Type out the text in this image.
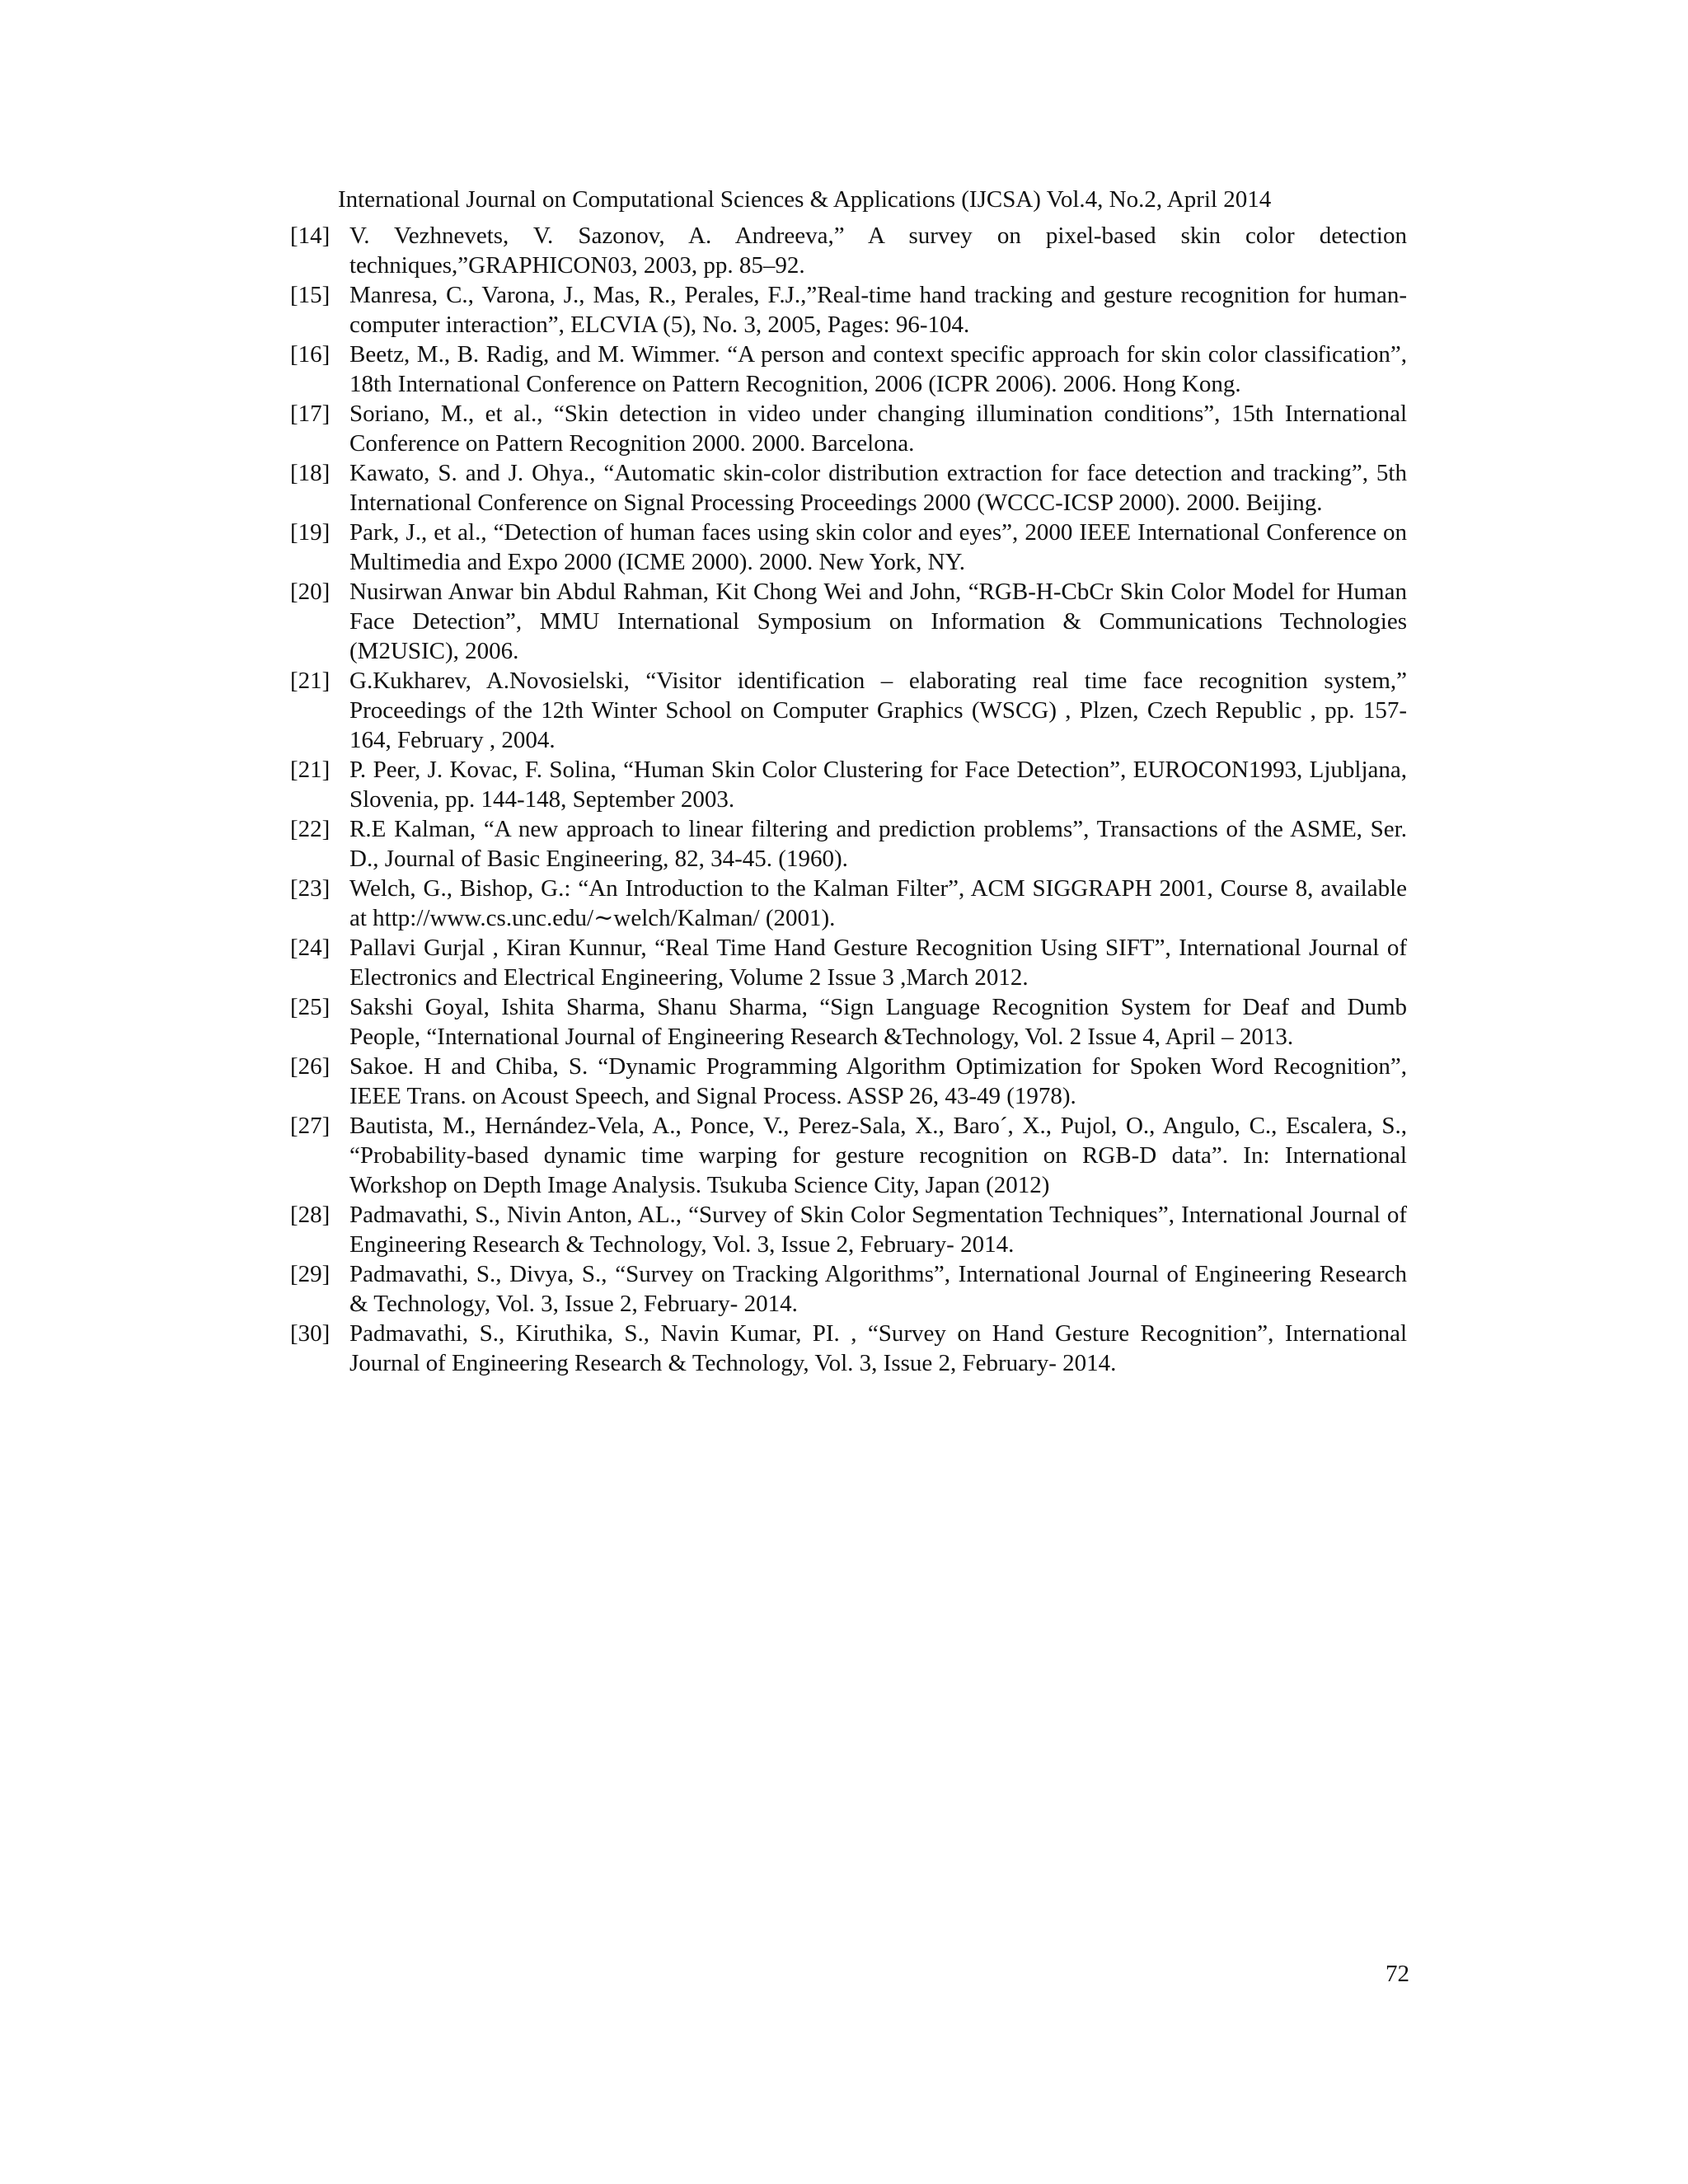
International Journal on Computational Sciences & Applications (IJCSA) Vol.4, No.2, April 2014
[14] V. Vezhnevets, V. Sazonov, A. Andreeva,” A survey on pixel-based skin color detection techniques,”GRAPHICON03, 2003, pp. 85–92.
[15] Manresa, C., Varona, J., Mas, R., Perales, F.J.,”Real-time hand tracking and gesture recognition for human-computer interaction”, ELCVIA (5), No. 3, 2005, Pages: 96-104.
[16] Beetz, M., B. Radig, and M. Wimmer. “A person and context specific approach for skin color classification”, 18th International Conference on Pattern Recognition, 2006 (ICPR 2006). 2006. Hong Kong.
[17] Soriano, M., et al., “Skin detection in video under changing illumination conditions”, 15th International Conference on Pattern Recognition 2000. 2000. Barcelona.
[18] Kawato, S. and J. Ohya., “Automatic skin-color distribution extraction for face detection and tracking”, 5th International Conference on Signal Processing Proceedings 2000 (WCCC-ICSP 2000). 2000. Beijing.
[19] Park, J., et al., “Detection of human faces using skin color and eyes”, 2000 IEEE International Conference on Multimedia and Expo 2000 (ICME 2000). 2000. New York, NY.
[20] Nusirwan Anwar bin Abdul Rahman, Kit Chong Wei and John, “RGB-H-CbCr Skin Color Model for Human Face Detection”, MMU International Symposium on Information & Communications Technologies (M2USIC), 2006.
[21] G.Kukharev, A.Novosielski, “Visitor identification – elaborating real time face recognition system,” Proceedings of the 12th Winter School on Computer Graphics (WSCG) , Plzen, Czech Republic , pp. 157-164, February , 2004.
[21] P. Peer, J. Kovac, F. Solina, “Human Skin Color Clustering for Face Detection”, EUROCON1993, Ljubljana, Slovenia, pp. 144-148, September 2003.
[22] R.E Kalman, “A new approach to linear filtering and prediction problems”, Transactions of the ASME, Ser. D., Journal of Basic Engineering, 82, 34-45. (1960).
[23] Welch, G., Bishop, G.: “An Introduction to the Kalman Filter”, ACM SIGGRAPH 2001, Course 8, available at http://www.cs.unc.edu/∼welch/Kalman/ (2001).
[24] Pallavi Gurjal , Kiran Kunnur, “Real Time Hand Gesture Recognition Using SIFT”, International Journal of Electronics and Electrical Engineering, Volume 2 Issue 3 ,March 2012.
[25] Sakshi Goyal, Ishita Sharma, Shanu Sharma, “Sign Language Recognition System for Deaf and Dumb People, “International Journal of Engineering Research &Technology, Vol. 2 Issue 4, April – 2013.
[26] Sakoe. H and Chiba, S. “Dynamic Programming Algorithm Optimization for Spoken Word Recognition”, IEEE Trans. on Acoust Speech, and Signal Process. ASSP 26, 43-49 (1978).
[27] Bautista, M., Hernández-Vela, A., Ponce, V., Perez-Sala, X., Baro´, X., Pujol, O., Angulo, C., Escalera, S., “Probability-based dynamic time warping for gesture recognition on RGB-D data”. In: International Workshop on Depth Image Analysis. Tsukuba Science City, Japan (2012)
[28] Padmavathi, S., Nivin Anton, AL., “Survey of Skin Color Segmentation Techniques”, International Journal of Engineering Research & Technology, Vol. 3, Issue 2, February- 2014.
[29] Padmavathi, S., Divya, S., “Survey on Tracking Algorithms”, International Journal of Engineering Research & Technology, Vol. 3, Issue 2, February- 2014.
[30] Padmavathi, S., Kiruthika, S., Navin Kumar, PI. , “Survey on Hand Gesture Recognition”, International Journal of Engineering Research & Technology, Vol. 3, Issue 2, February- 2014.
72
